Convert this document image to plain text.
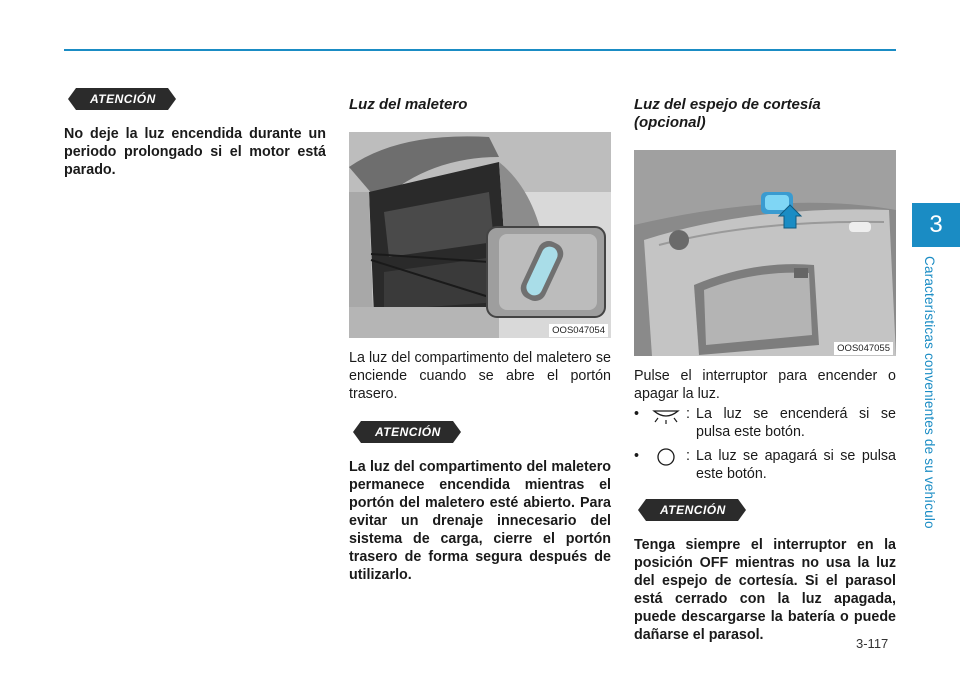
3
Características convenientes de su vehículo
ATENCIÓN

No deje la luz encendida durante un periodo prolongado si el motor está parado.

Luz del maletero
OOS047054

La luz del compartimento del maletero se enciende cuando se abre el portón trasero.

ATENCIÓN

La luz del compartimento del maletero permanece encendida mientras el portón del maletero esté abierto. Para evitar un drenaje innecesario del sistema de carga, cierre el portón trasero de forma segura después de utilizarlo.

Luz del espejo de cortesía
(opcional)
OOS047055

Pulse el interruptor para encender o apagar la luz.

•	: La luz se encenderá si se pulsa este botón.
•	: La luz se apagará si se pulsa este botón.
ATENCIÓN

Tenga siempre el interruptor en la posición OFF mientras no usa la luz del espejo de cortesía. Si el parasol está cerrado con la luz apagada, puede descargarse la batería o puede dañarse el parasol.

3-117
